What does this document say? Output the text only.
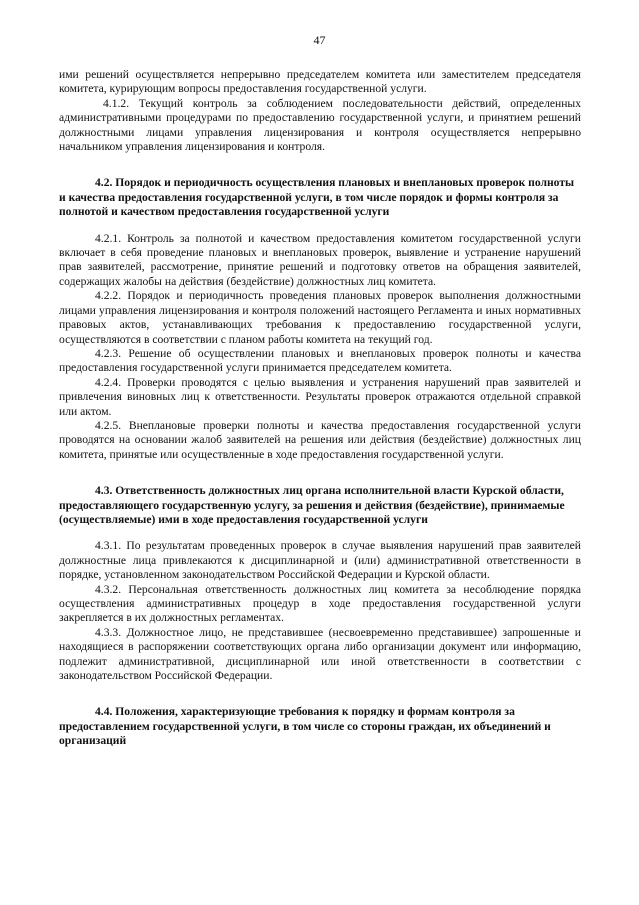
47

ими решений осуществляется непрерывно председателем комитета или заместителем председателя комитета, курирующим вопросы предоставления государственной услуги.

4.1.2. Текущий контроль за соблюдением последовательности действий, определенных административными процедурами по предоставлению государственной услуги, и принятием решений должностными лицами управления лицензирования и контроля осуществляется непрерывно начальником управления лицензирования и контроля.

4.2. Порядок и периодичность осуществления плановых и внеплановых проверок полноты и качества предоставления государственной услуги, в том числе порядок и формы контроля за полнотой и качеством предоставления государственной услуги

4.2.1. Контроль за полнотой и качеством предоставления комитетом государственной услуги включает в себя проведение плановых и внеплановых проверок, выявление и устранение нарушений прав заявителей, рассмотрение, принятие решений и подготовку ответов на обращения заявителей, содержащих жалобы на действия (бездействие) должностных лиц комитета.

4.2.2. Порядок и периодичность проведения плановых проверок выполнения должностными лицами управления лицензирования и контроля положений настоящего Регламента и иных нормативных правовых актов, устанавливающих требования к предоставлению государственной услуги, осуществляются в соответствии с планом работы комитета на текущий год.

4.2.3. Решение об осуществлении плановых и внеплановых проверок полноты и качества предоставления государственной услуги принимается председателем комитета.

4.2.4. Проверки проводятся с целью выявления и устранения нарушений прав заявителей и привлечения виновных лиц к ответственности. Результаты проверок отражаются отдельной справкой или актом.

4.2.5. Внеплановые проверки полноты и качества предоставления государственной услуги проводятся на основании жалоб заявителей на решения или действия (бездействие) должностных лиц комитета, принятые или осуществленные в ходе предоставления государственной услуги.

4.3. Ответственность должностных лиц органа исполнительной власти Курской области, предоставляющего государственную услугу, за решения и действия (бездействие), принимаемые (осуществляемые) ими в ходе предоставления государственной услуги

4.3.1. По результатам проведенных проверок в случае выявления нарушений прав заявителей должностные лица привлекаются к дисциплинарной и (или) административной ответственности в порядке, установленном законодательством Российской Федерации и Курской области.

4.3.2. Персональная ответственность должностных лиц комитета за несоблюдение порядка осуществления административных процедур в ходе предоставления государственной услуги закрепляется в их должностных регламентах.

4.3.3. Должностное лицо, не представившее (несвоевременно представившее) запрошенные и находящиеся в распоряжении соответствующих органа либо организации документ или информацию, подлежит административной, дисциплинарной или иной ответственности в соответствии с законодательством Российской Федерации.

4.4. Положения, характеризующие требования к порядку и формам контроля за предоставлением государственной услуги, в том числе со стороны граждан, их объединений и организаций
